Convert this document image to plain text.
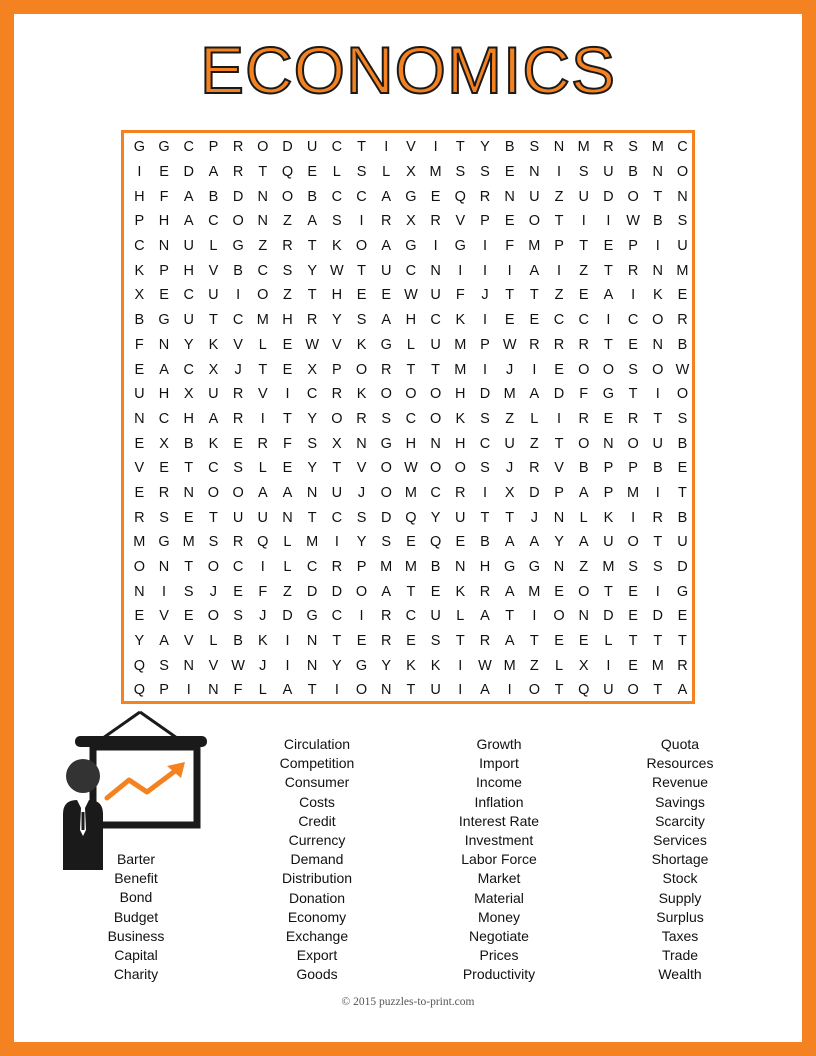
ECONOMICS
G G C	P	R O D U C	T	I	V	I	T	Y	B	S	N M R	S M C
I	E	D	A	R	T	Q E	L	S	L	X M S	S	E	N	I	S	U	B	N O
H	F	A	B	D N O B	C C	A G E Q R N U	Z	U D O	T	N
P	H	A	C O N	Z	A	S	I	R	X	R	V	P	E O	T	I	I	W B	S
C N U	L	G	Z	R	T	K O A G	I	G	I	F M P	T	E	P	I	U
K	P	H	V	B	C	S	Y W T	U C N	I	I	I	A	I	Z	T	R N M
X	E	C U	I	O	Z	T	H	E	E W U	F	J	T	T	Z	E	A	I	K	E
B G U	T	C M H R	Y	S	A	H C	K	I	E	E	C C	I	C O R
F	N	Y	K	V	L	E W V	K G	L	U M P W R R R	T	E	N	B
E	A	C	X	J	T	E	X	P O R	T	T M	I	J	I	E O O S O W
U H	X	U R	V	I	C R	K O O O H D M A	D	F	G	T	I	O
N C H	A	R	I	T	Y O R	S	C O K	S	Z	L	I	R	E	R	T	S
E	X	B	K	E	R	F	S	X	N G H N H C U	Z	T	O N O U	B
V	E	T	C	S	L	E	Y	T	V O W O O S	J	R	V	B	P	P	B	E
E	R N O O A	A	N U	J	O M C R	I	X	D	P	A	P M	I	T
R	S	E	T	U U N	T	C	S	D Q Y	U	T	T	J	N	L	K	I	R	B
M G M S	R Q	L	M	I	Y	S	E Q E	B	A	A	Y	A	U O	T	U
O N	T	O C	I	L	C R	P M M B	N H G G N	Z M S	S	D
N	I	S	J	E	F	Z	D D O A	T	E	K	R	A M E O	T	E	I	G
E	V	E O S	J	D G C	I	R C U	L	A	T	I	O N D	E	D	E
Y	A	V	L	B	K	I	N	T	E	R	E	S	T	R	A	T	E	E	L	T	T	T
Q S	N	V W J	I	N	Y G Y	K	K	I	W M Z	L	X	I	E M R
Q P	I	N	F	L	A	T	I	O N	T	U	I	A	I	O	T	Q U O	T	A
Barter
Benefit
Bond
Budget
Business
Capital
Charity
Circulation
Competition
Consumer
Costs
Credit
Currency
Demand
Distribution
Donation
Economy
Exchange
Export
Goods
Growth
Import
Income
Inflation
Interest Rate
Investment
Labor Force
Market
Material
Money
Negotiate
Prices
Productivity
Quota
Resources
Revenue
Savings
Scarcity
Services
Shortage
Stock
Supply
Surplus
Taxes
Trade
Wealth
© 2015 puzzles-to-print.com
